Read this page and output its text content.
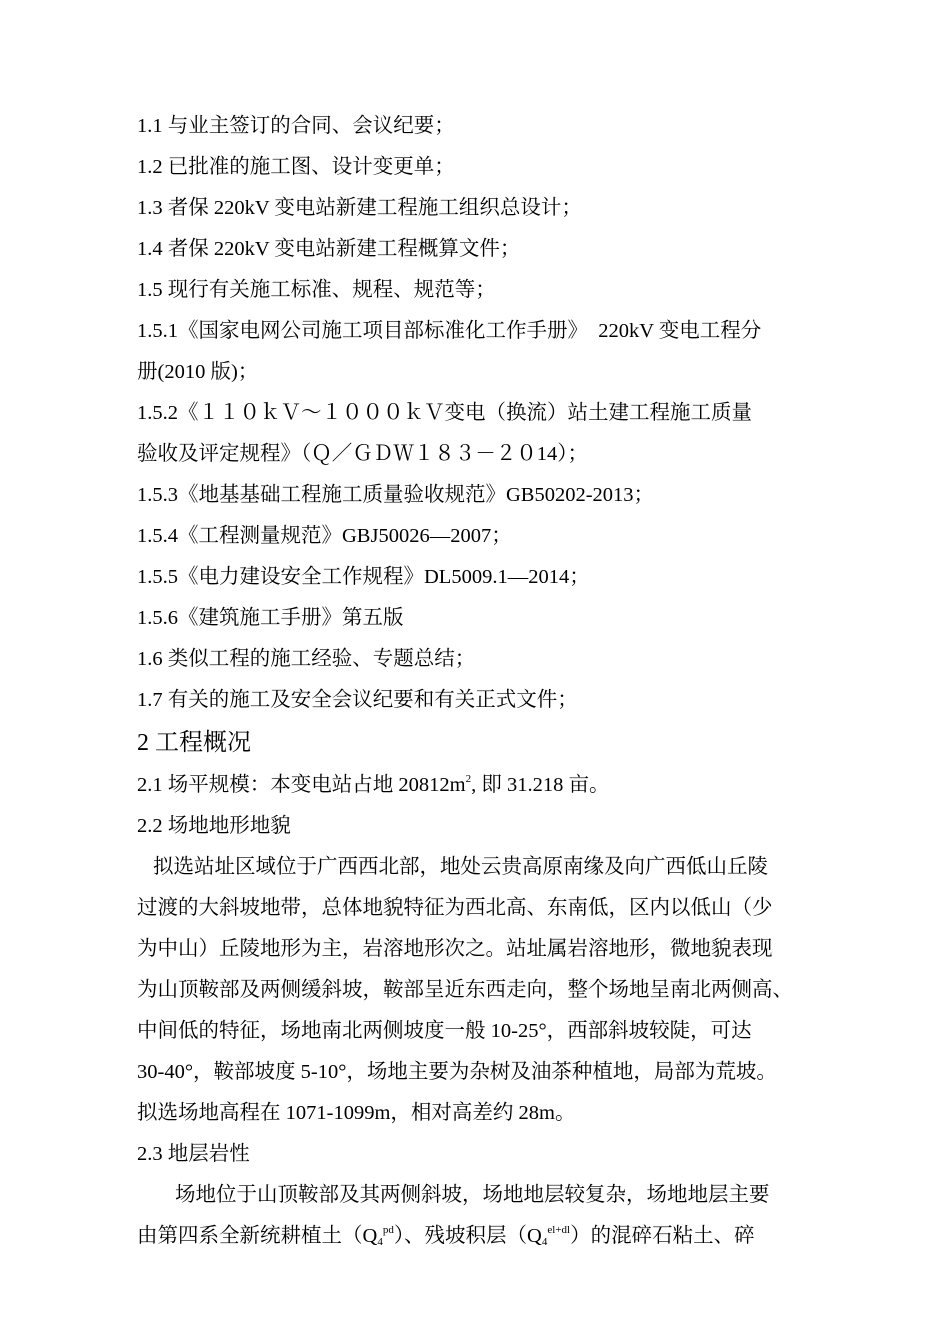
1.1 与业主签订的合同、会议纪要；
1.2 已批准的施工图、设计变更单；
1.3 者保 220kV 变电站新建工程施工组织总设计；
1.4 者保 220kV 变电站新建工程概算文件；
1.5 现行有关施工标准、规程、规范等；
1.5.1《国家电网公司施工项目部标准化工作手册》　220kV 变电工程分
册(2010 版)；
1.5.2《１１０ｋＶ～１０００ｋＶ变电（换流）站土建工程施工质量
验收及评定规程》（Ｑ／ＧＤＷ１８３－２０14）；
1.5.3《地基基础工程施工质量验收规范》GB50202-2013；
1.5.4《工程测量规范》GBJ50026—2007；
1.5.5《电力建设安全工作规程》DL5009.1—2014；
1.5.6《建筑施工手册》第五版
1.6 类似工程的施工经验、专题总结；
1.7 有关的施工及安全会议纪要和有关正式文件；
2 工程概况
2.1 场平规模：本变电站占地 $20812m^2$, 即 31.218 亩。
2.2 场地地形地貌
拟选站址区域位于广西西北部，地处云贵高原南缘及向广西低山丘陵
过渡的大斜坡地带，总体地貌特征为西北高、东南低，区内以低山（少
为中山）丘陵地形为主，岩溶地形次之。站址属岩溶地形，微地貌表现
为山顶鞍部及两侧缓斜坡，鞍部呈近东西走向，整个场地呈南北两侧高、
中间低的特征，场地南北两侧坡度一般 10-25°，西部斜坡较陡，可达
30-40°，鞍部坡度 5-10°，场地主要为杂树及油茶种植地，局部为荒坡。
拟选场地高程在 1071-1099m，相对高差约 28m。
2.3 地层岩性
场地位于山顶鞍部及其两侧斜坡，场地地层较复杂，场地地层主要
由第四系全新统耕植土$(Q_4^{pd})$、残坡积层$(Q_4^{el+dl})$的混碎石粘土、碎
